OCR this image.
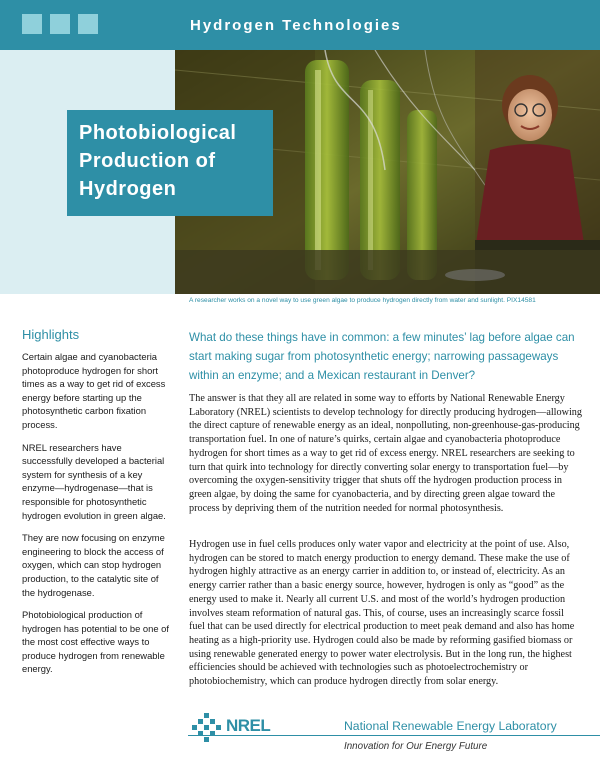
Hydrogen Technologies
Photobiological
Production of
Hydrogen
A researcher works on a novel way to use green algae to produce hydrogen directly from water and sunlight. PIX14581
Highlights

Certain algae and cyanobacteria photoproduce hydrogen for short times as a way to get rid of excess energy before starting up the photosynthetic carbon fixation process.

NREL researchers have successfully developed a bacterial system for synthesis of a key enzyme—hydrogenase—that is responsible for photosynthetic hydrogen evolution in green algae.

They are now focusing on enzyme engineering to block the access of oxygen, which can stop hydrogen production, to the catalytic site of the hydrogenase.

Photobiological production of hydrogen has potential to be one of the most cost effective ways to produce hydrogen from renewable energy.

What do these things have in common: a few minutes’ lag before algae can start making sugar from photosynthetic energy; narrowing passageways within an enzyme; and a Mexican restaurant in Denver?

The answer is that they all are related in some way to efforts by National Renewable Energy Laboratory (NREL) scientists to develop technology for directly producing hydrogen—allowing the direct capture of renewable energy as an ideal, nonpolluting, non-greenhouse-gas-producing transportation fuel. In one of nature’s quirks, certain algae and cyanobacteria photoproduce hydrogen for short times as a way to get rid of excess energy. NREL researchers are seeking to turn that quirk into technology for directly converting solar energy to transportation fuel—by overcoming the oxygen-sensitivity trigger that shuts off the hydrogen production process in green algae, by doing the same for cyanobacteria, and by directing green algae toward the process by depriving them of the nutrition needed for normal photosynthesis.

Hydrogen use in fuel cells produces only water vapor and electricity at the point of use. Also, hydrogen can be stored to match energy production to energy demand. These make the use of hydrogen highly attractive as an energy carrier in addition to, or instead of, electricity. As an energy carrier rather than a basic energy source, however, hydrogen is only as “good” as the energy used to make it. Nearly all current U.S. and most of the world’s hydrogen production involves steam reformation of natural gas. This, of course, uses an increasingly scarce fossil fuel that can be used directly for electrical production to meet peak demand and also has home heating as a high-priority use. Hydrogen could also be made by reforming gasified biomass or using renewable generated energy to power water electrolysis. But in the long run, the highest efficiencies should be achieved with technologies such as photoelectrochemistry or photobiochemistry, which can produce hydrogen directly from solar energy.

NREL	National Renewable Energy Laboratory
Innovation for Our Energy Future
